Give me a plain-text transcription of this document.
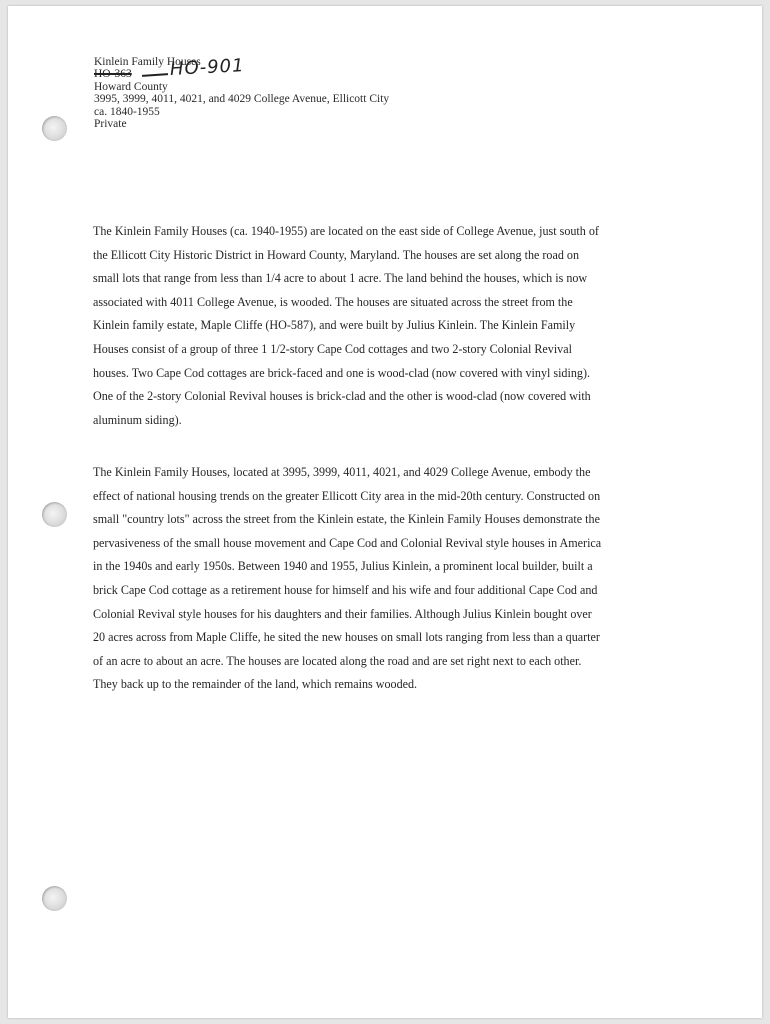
Kinlein Family Houses
HO-363 HO-901
Howard County
3995, 3999, 4011, 4021, and 4029 College Avenue, Ellicott City
ca. 1840-1955
Private
The Kinlein Family Houses (ca. 1940-1955) are located on the east side of College Avenue, just south of
the Ellicott City Historic District in Howard County, Maryland. The houses are set along the road on
small lots that range from less than 1/4 acre to about 1 acre. The land behind the houses, which is now
associated with 4011 College Avenue, is wooded. The houses are situated across the street from the
Kinlein family estate, Maple Cliffe (HO-587), and were built by Julius Kinlein. The Kinlein Family
Houses consist of a group of three 1 1/2-story Cape Cod cottages and two 2-story Colonial Revival
houses. Two Cape Cod cottages are brick-faced and one is wood-clad (now covered with vinyl siding).
One of the 2-story Colonial Revival houses is brick-clad and the other is wood-clad (now covered with
aluminum siding).
The Kinlein Family Houses, located at 3995, 3999, 4011, 4021, and 4029 College Avenue, embody the
effect of national housing trends on the greater Ellicott City area in the mid-20th century. Constructed on
small "country lots" across the street from the Kinlein estate, the Kinlein Family Houses demonstrate the
pervasiveness of the small house movement and Cape Cod and Colonial Revival style houses in America
in the 1940s and early 1950s. Between 1940 and 1955, Julius Kinlein, a prominent local builder, built a
brick Cape Cod cottage as a retirement house for himself and his wife and four additional Cape Cod and
Colonial Revival style houses for his daughters and their families. Although Julius Kinlein bought over
20 acres across from Maple Cliffe, he sited the new houses on small lots ranging from less than a quarter
of an acre to about an acre. The houses are located along the road and are set right next to each other.
They back up to the remainder of the land, which remains wooded.
